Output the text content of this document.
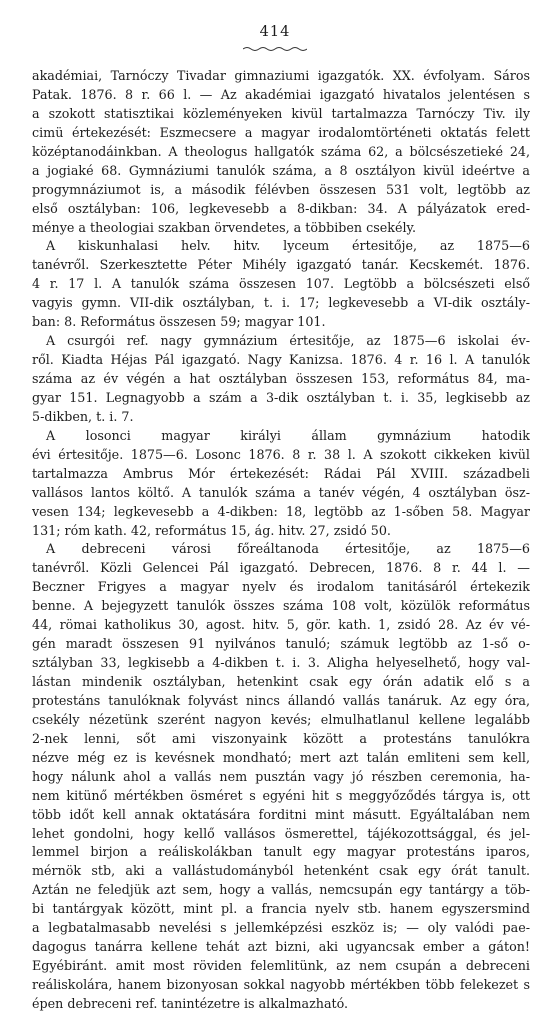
414
akadémiai, Tarnóczy Tivadar gimnaziumi igazgatók. XX. évfolyam. Sáros
Patak. 1876. 8 r. 66 l. — Az akadémiai igazgató hivatalos jelentésen s
a szokott statisztikai közleményeken kivül tartalmazza Tarnóczy Tiv. ily
cimü értekezését: Eszmecsere a magyar irodalomtörténeti oktatás felett
középtanodáinkban. A theologus hallgatók száma 62, a bölcsészetieké 24,
a jogiaké 68. Gymnáziumi tanulók száma, a 8 osztályon kivül ideértve a
progymnáziumot is, a második félévben összesen 531 volt, legtöbb az
első osztályban: 106, legkevesebb a 8-dikban: 34. A pályázatok ered-
ménye a theologiai szakban örvendetes, a többiben csekély.
A kiskunhalasi helv. hitv. lyceum értesitője, az 1875—6
tanévről. Szerkesztette Péter Mihély igazgató tanár. Kecskemét. 1876.
4 r. 17 l. A tanulók száma összesen 107. Legtöbb a bölcsészeti első
vagyis gymn. VII-dik osztályban, t. i. 17; legkevesebb a VI-dik osztály-
ban: 8. Református összesen 59; magyar 101.
A csurgói ref. nagy gymnázium értesitője, az 1875—6 iskolai év-
ről. Kiadta Héjas Pál igazgató. Nagy Kanizsa. 1876. 4 r. 16 l. A tanulók
száma az év végén a hat osztályban összesen 153, református 84, ma-
gyar 151. Legnagyobb a szám a 3-dik osztályban t. i. 35, legkisebb az
5-dikben, t. i. 7.
A losonci magyar királyi állam gymnázium hatodik
évi értesitője. 1875—6. Losonc 1876. 8 r. 38 l. A szokott cikkeken kivül
tartalmazza Ambrus Mór értekezését: Rádai Pál XVIII. századbeli
vallásos lantos költő. A tanulók száma a tanév végén, 4 osztályban ösz-
vesen 134; legkevesebb a 4-dikben: 18, legtöbb az 1-sőben 58. Magyar
131; róm kath. 42, református 15, ág. hitv. 27, zsidó 50.
A debreceni városi főreáltanoda értesitője, az 1875—6
tanévről. Közli Gelencei Pál igazgató. Debrecen, 1876. 8 r. 44 l. —
Beczner Frigyes a magyar nyelv és irodalom tanitásáról értekezik
benne. A bejegyzett tanulók összes száma 108 volt, közülök református
44, römai katholikus 30, agost. hitv. 5, gör. kath. 1, zsidó 28. Az év vé-
gén maradt összesen 91 nyilvános tanuló; számuk legtöbb az 1-ső o-
sztályban 33, legkisebb a 4-dikben t. i. 3. Aligha helyeselhető, hogy val-
lástan mindenik osztályban, hetenkint csak egy órán adatik elő s a
protestáns tanulóknak folyvást nincs állandó vallás tanáruk. Az egy óra,
csekély nézetünk szerént nagyon kevés; elmulhatlanul kellene legalább
2-nek lenni, sőt ami viszonyaink között a protestáns tanulókra
nézve még ez is kevésnek mondható; mert azt talán emliteni sem kell,
hogy nálunk ahol a vallás nem pusztán vagy jó részben ceremonia, ha-
nem kitünő mértékben ösméret s egyéni hit s meggyőződés tárgya is, ott
több időt kell annak oktatására forditni mint másutt. Egyáltalában nem
lehet gondolni, hogy kellő vallásos ösmerettel, tájékozottsággal, és jel-
lemmel birjon a reáliskolákban tanult egy magyar protestáns iparos,
mérnök stb, aki a vallástudományból hetenként csak egy órát tanult.
Aztán ne feledjük azt sem, hogy a vallás, nemcsupán egy tantárgy a töb-
bi tantárgyak között, mint pl. a francia nyelv stb. hanem egyszersmind
a legbatalmasabb nevelési s jellemképzési eszköz is; — oly valódi pae-
dagogus tanárra kellene tehát azt bizni, aki ugyancsak ember a gáton!
Egyébiránt. amit most röviden felemlitünk, az nem csupán a debreceni
reáliskolára, hanem bizonyosan sokkal nagyobb mértékben több felekezet s
épen debreceni ref. tanintézetre is alkalmazható.
